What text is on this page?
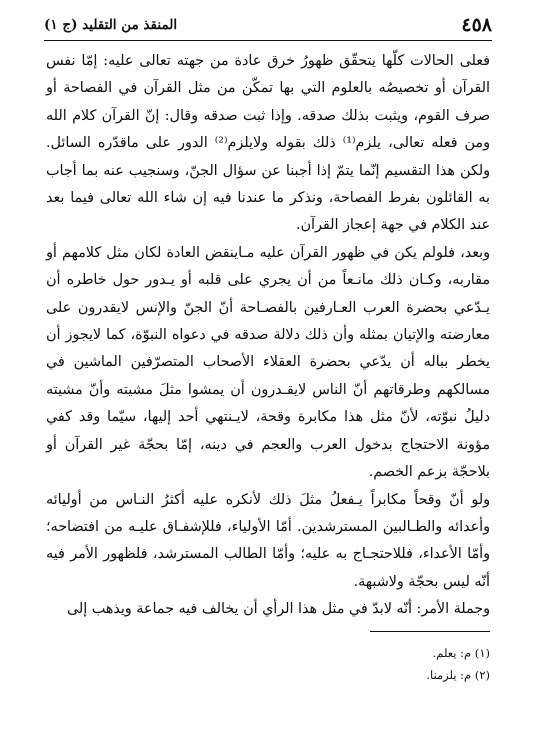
٤٥٨
المنقذ من التقليد (ج ١)

فعلى الحالات كلّها يتحقّق ظهورُ خرق عادة من جهته تعالى عليه: إمّا نفس القرآن أو تخصيصُه بالعلوم التي بها تمكّن من مثل القرآن في الفصاحة أو صرف القوم، ويثبت بذلك صدقه. وإذا ثبت صدقه وقال: إنّ القرآن كلام الله ومن فعله تعالى، يلزم⁽¹⁾ ذلك بقوله ولايلزم⁽²⁾ الدور على ماقدّره السائل. ولكن هذا التقسيم إنّما يتمّ إذا أجبنا عن سؤال الجنّ، وسنجيب عنه بما أجاب به القائلون بفرط الفصاحة، ونذكر ما عندنا فيه إن شاء الله تعالى فيما بعد عند الكلام في جهة إعجاز القرآن.

وبعد، فلولم يكن في ظهور القرآن عليه مـاينقض العادة لكان مثل كلامهم أو مقاربه، وكـان ذلك مانـعاً من أن يجري على قلبه أو يـدور حول خاطره أن يـدّعي بحضرة العرب العـارفين بالفصـاحة أنّ الجنّ والإنس لايقدرون على معارضته والإتيان بمثله وأن ذلك دلالة صدقه في دعواه النبوّة، كما لايجوز أن يخطر بباله أن يدّعي بحضرة العقلاء الأصحاب المتصرّفين الماشين في مسالكهم وطرقاتهم أنّ الناس لايقـدرون أن يمشوا مثلَ مشيته وأنّ مشيته دليلُ نبوّته، لأنّ مثل هذا مكابرة وقحة، لايـنتهي أحد إليها، سيّما وقد كفي مؤونة الاحتجاج بدخول العرب والعجم في دينه، إمّا بحجّة غير القرآن أو بلاحجّة بزعم الخصم.

ولو أنّ وقحاً مكابراً يـفعلُ مثلَ ذلك لأنكره عليه أكثرُ النـاس من أوليائه وأعدائه والطـالبين المسترشدين. أمّا الأولياء، فللإشفـاق عليـه من افتضاحه؛ وأمّا الأعداء، فللاحتجـاج به عليه؛ وأمّا الطالب المسترشد، فلظهور الأمر فيه أنّه ليس بحجّة ولاشبهة.

وجملة الأمر: أنّه لابدّ في مثل هذا الرأي أن يخالف فيه جماعة ويذهب إلى

(١) م: يعلم.
(٢) م: يلزمنا.
